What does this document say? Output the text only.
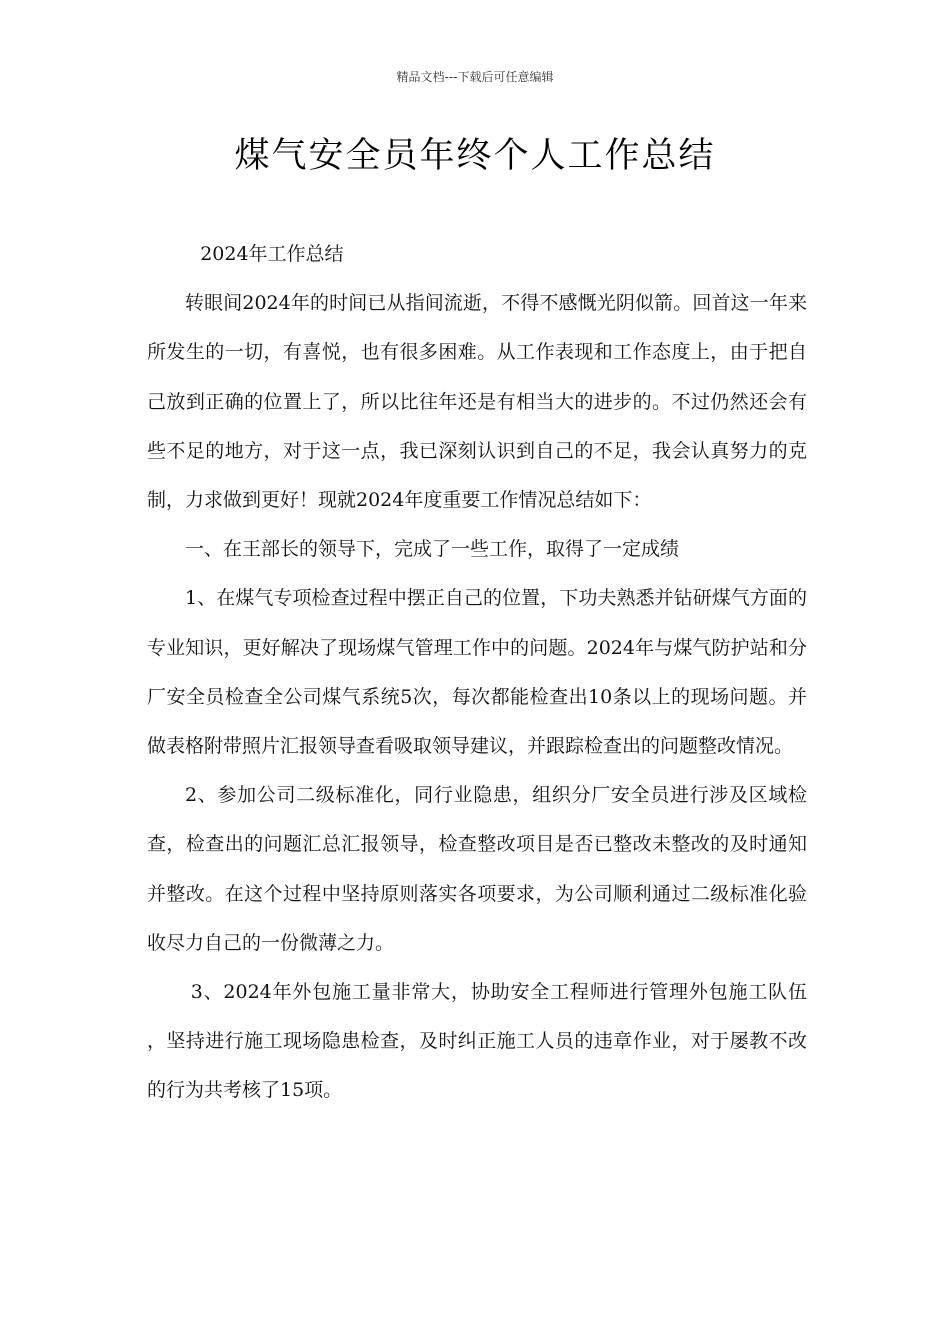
精品文档---下载后可任意编辑
煤气安全员年终个人工作总结

2024年工作总结

转眼间2024年的时间已从指间流逝，不得不感慨光阴似箭。回首这一年来所发生的一切，有喜悦，也有很多困难。从工作表现和工作态度上，由于把自己放到正确的位置上了，所以比往年还是有相当大的进步的。不过仍然还会有些不足的地方，对于这一点，我已深刻认识到自己的不足，我会认真努力的克制，力求做到更好！现就2024年度重要工作情况总结如下：

一、在王部长的领导下，完成了一些工作，取得了一定成绩

1、在煤气专项检查过程中摆正自己的位置，下功夫熟悉并钻研煤气方面的专业知识，更好解决了现场煤气管理工作中的问题。2024年与煤气防护站和分厂安全员检查全公司煤气系统5次，每次都能检查出10条以上的现场问题。并做表格附带照片汇报领导查看吸取领导建议，并跟踪检查出的问题整改情况。

2、参加公司二级标准化，同行业隐患，组织分厂安全员进行涉及区域检查，检查出的问题汇总汇报领导，检查整改项目是否已整改未整改的及时通知并整改。在这个过程中坚持原则落实各项要求，为公司顺利通过二级标准化验收尽力自己的一份微薄之力。

3、2024年外包施工量非常大，协助安全工程师进行管理外包施工队伍 ，坚持进行施工现场隐患检查，及时纠正施工人员的违章作业，对于屡教不改的行为共考核了15项。
